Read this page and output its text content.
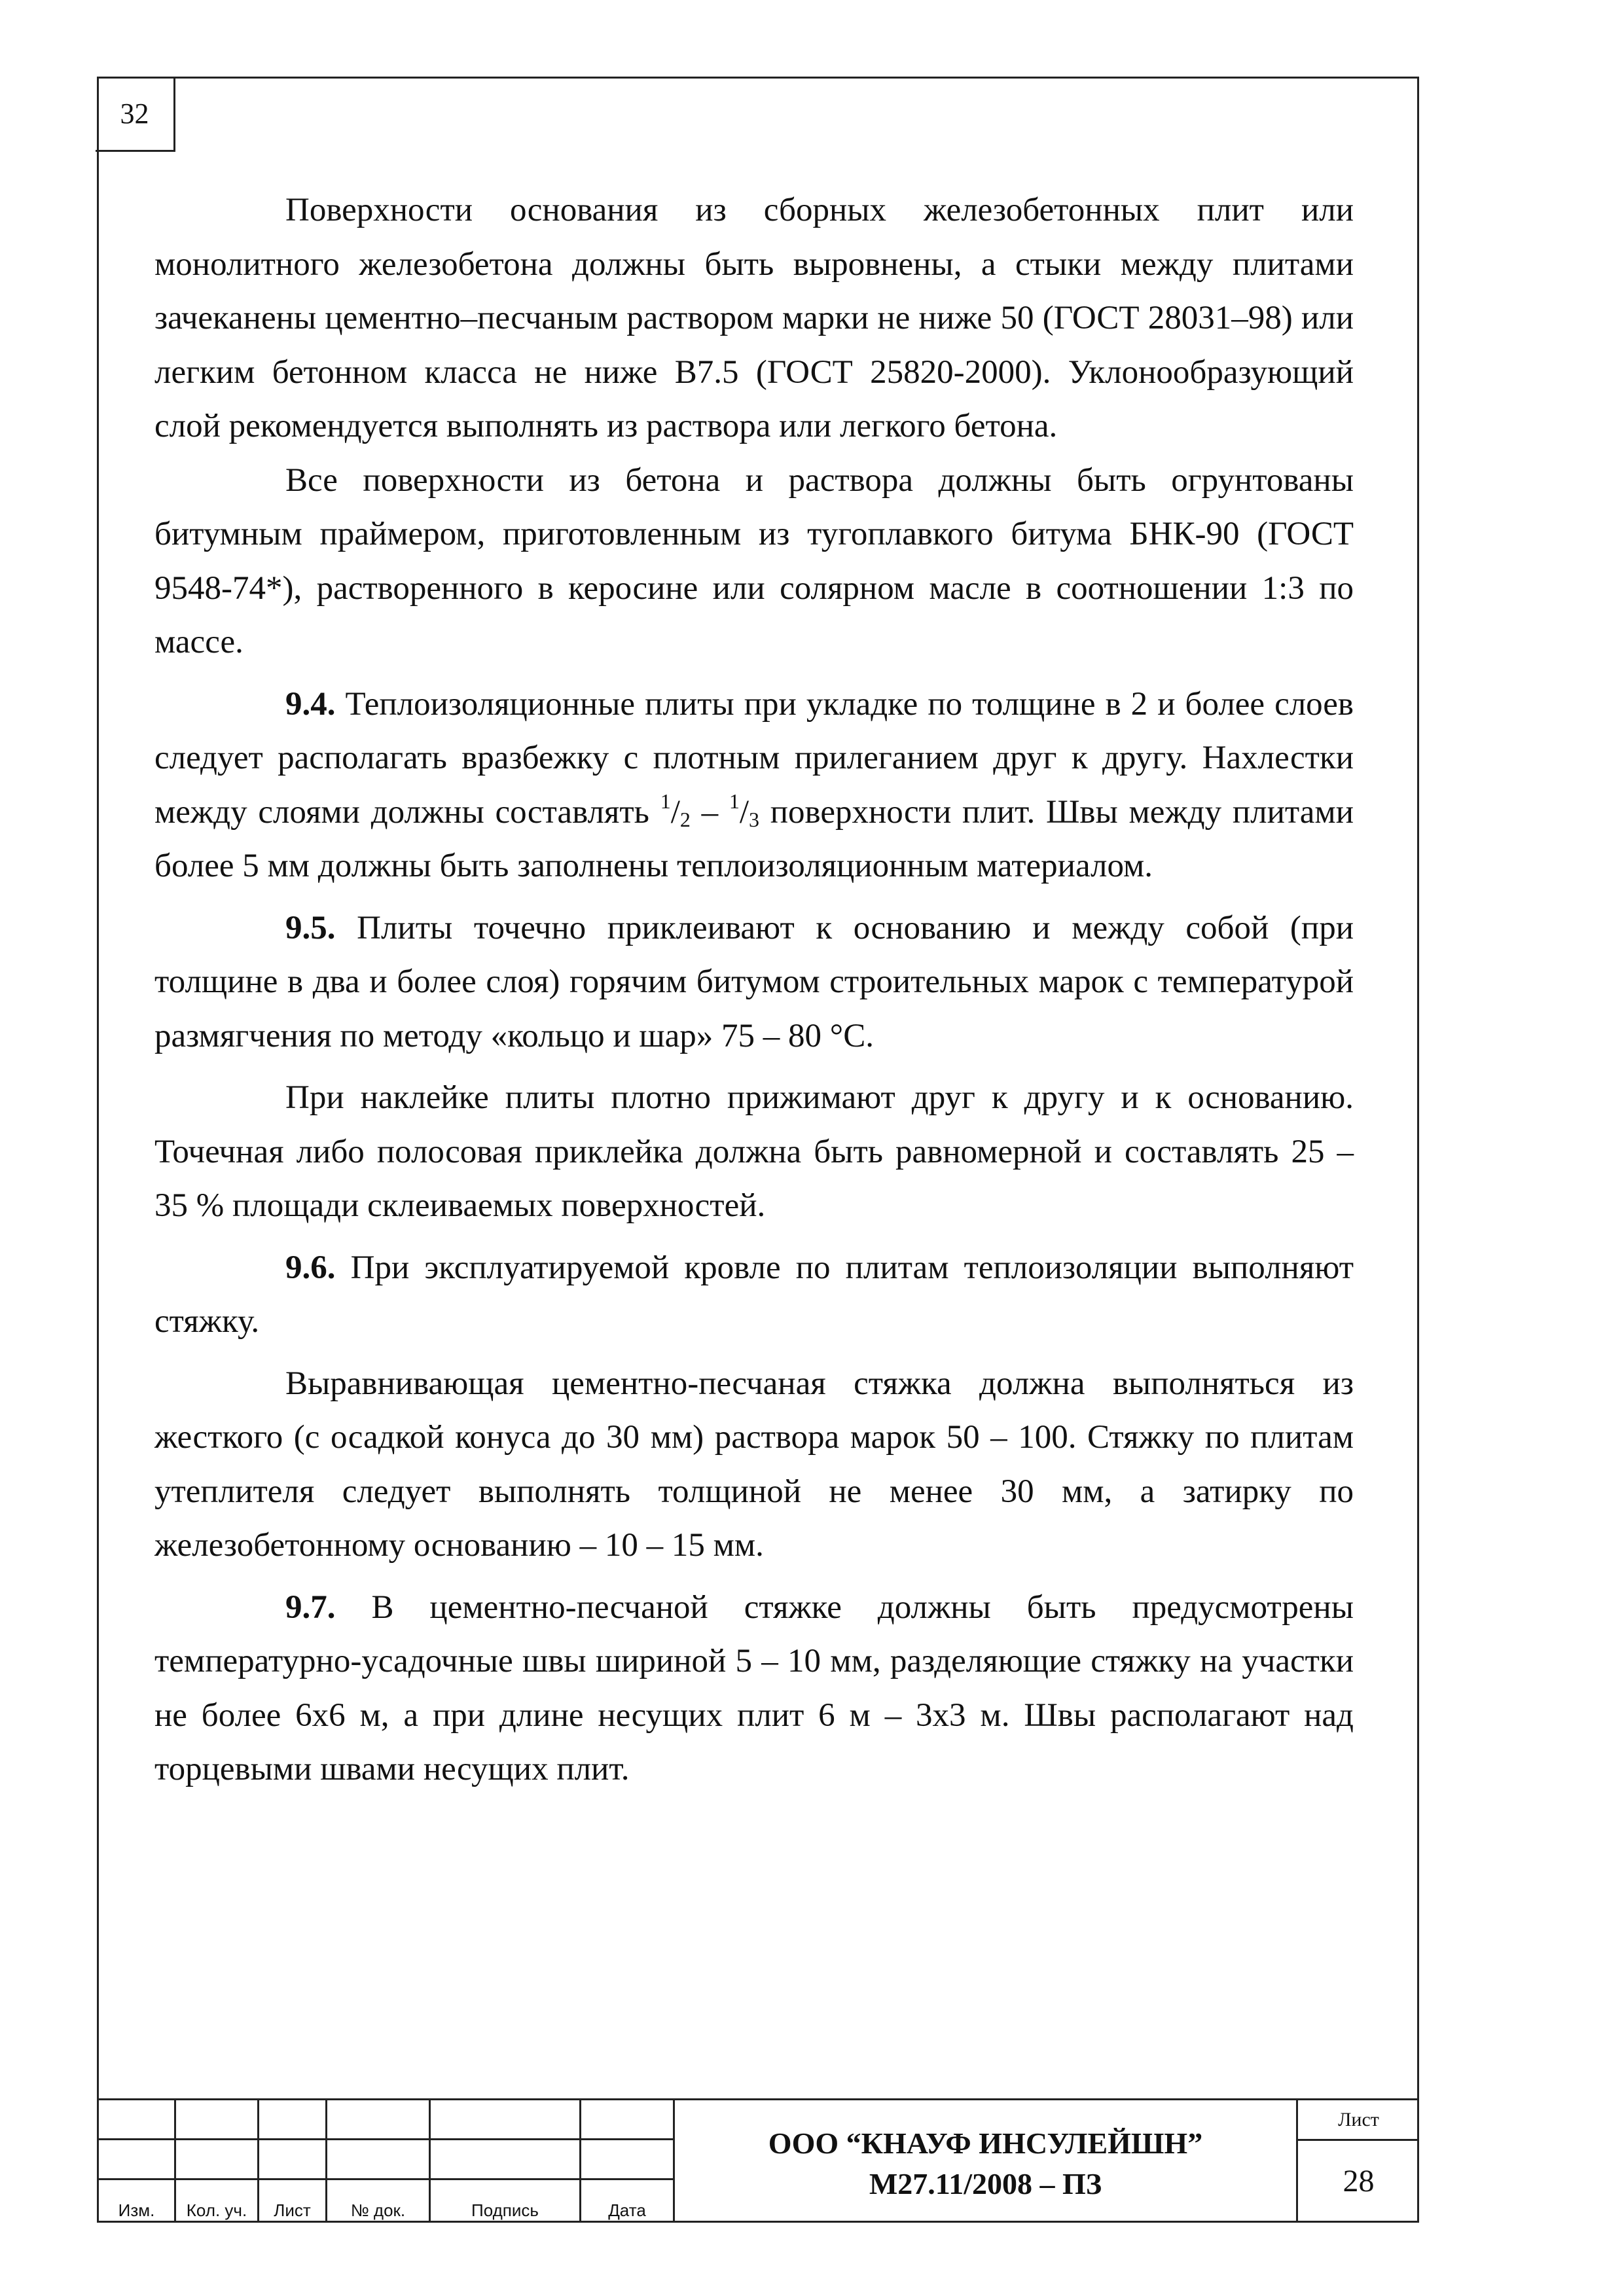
32

Поверхности основания из сборных железобетонных плит или монолитного железобетона должны быть выровнены, а стыки между плитами зачеканены цементно–песчаным раствором марки не ниже 50 (ГОСТ 28031–98) или легким бетонном класса не ниже В7.5 (ГОСТ 25820-2000). Уклонообразующий слой рекомендуется выполнять из раствора или легкого бетона.

Все поверхности из бетона и раствора должны быть огрунтованы битумным праймером, приготовленным из тугоплавкого битума БНК-90 (ГОСТ 9548-74*), растворенного в керосине или солярном масле в соотношении 1:3 по массе.

9.4. Теплоизоляционные плиты при укладке по толщине в 2 и более слоев следует располагать вразбежку с плотным прилеганием друг к другу. Нахлестки между слоями должны составлять $^1/_2 - ^1/_3$ поверхности плит. Швы между плитами более 5 мм должны быть заполнены теплоизоляционным материалом.

9.5. Плиты точечно приклеивают к основанию и между собой (при толщине в два и более слоя) горячим битумом строительных марок с температурой размягчения по методу «кольцо и шар» 75 – 80 °С.

При наклейке плиты плотно прижимают друг к другу и к основанию. Точечная либо полосовая приклейка должна быть равномерной и составлять 25 – 35 % площади склеиваемых поверхностей.

9.6. При эксплуатируемой кровле по плитам теплоизоляции выполняют стяжку.

Выравнивающая цементно-песчаная стяжка должна выполняться из жесткого (с осадкой конуса до 30 мм) раствора марок 50 – 100. Стяжку по плитам утеплителя следует выполнять толщиной не менее 30 мм, а затирку по железобетонному основанию – 10 – 15 мм.

9.7. В цементно-песчаной стяжке должны быть предусмотрены температурно-усадочные швы шириной 5 – 10 мм, разделяющие стяжку на участки не более 6х6 м, а при длине несущих плит 6 м – 3х3 м. Швы располагают над торцевыми швами несущих плит.

Изм.	Кол. уч.	Лист	№ док.	Подпись	Дата
ООО “КНАУФ ИНСУЛЕЙШН”
М27.11/2008 – ПЗ
Лист
28
